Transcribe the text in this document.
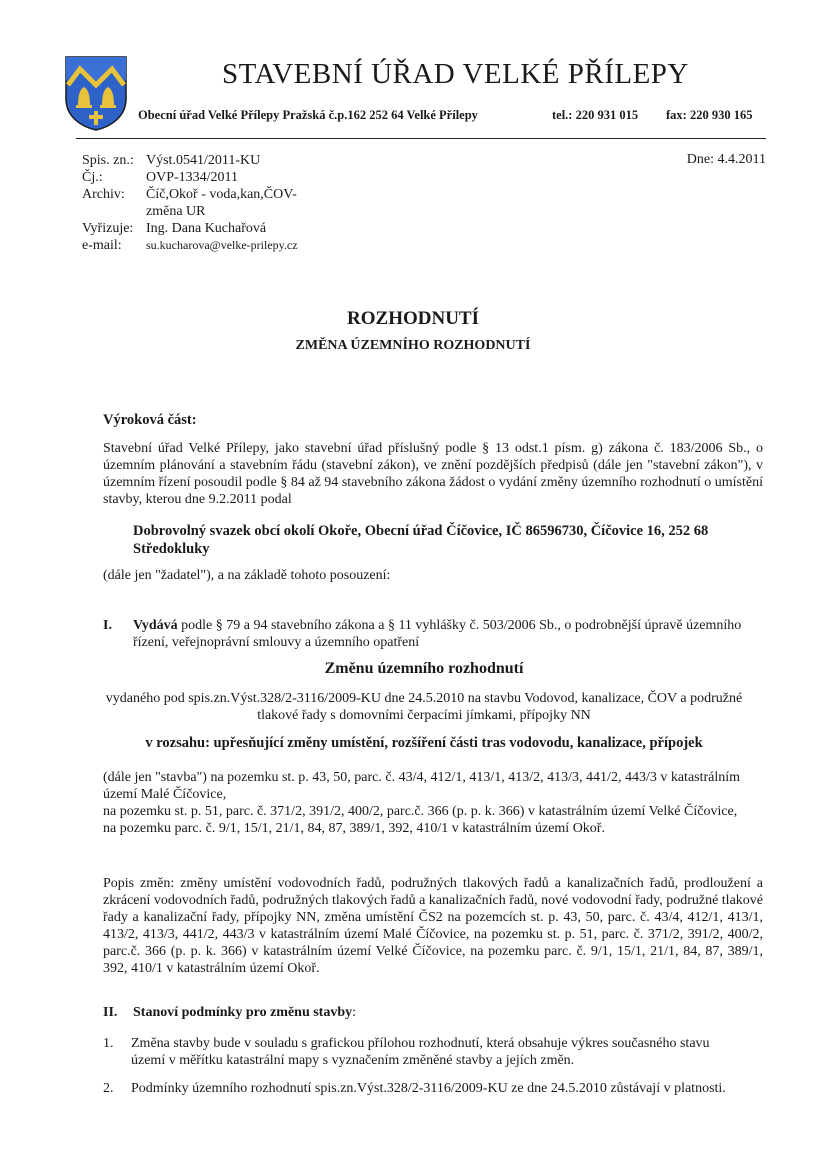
STAVEBNÍ ÚŘAD VELKÉ PŘÍLEPY
Obecní úřad Velké Přílepy Pražská č.p.162 252 64 Velké Přílepy	tel.: 220 931 015 fax: 220 930 165
Spis. zn.: Výst.0541/2011-KU
Čj.:	OVP-1334/2011
Archiv:	Číč,Okoř - voda,kan,ČOV-
změna UR
Vyřizuje: Ing. Dana Kuchařová
e-mail:	su.kucharova@velke-prilepy.cz
Dne: 4.4.2011
ROZHODNUTÍ
ZMĚNA ÚZEMNÍHO ROZHODNUTÍ
Výroková část:
Stavební úřad Velké Přílepy, jako stavební úřad příslušný podle § 13 odst.1 písm. g) zákona č. 183/2006 Sb., o územním plánování a stavebním řádu (stavební zákon), ve znění pozdějších předpisů (dále jen "stavební zákon"), v územním řízení posoudil podle § 84 až 94 stavebního zákona žádost o vydání změny územního rozhodnutí o umístění stavby, kterou dne 9.2.2011 podal
Dobrovolný svazek obcí okolí Okoře, Obecní úřad Číčovice, IČ 86596730, Číčovice 16, 252 68 Středokluky
(dále jen "žadatel"), a na základě tohoto posouzení:
I. Vydává podle § 79 a 94 stavebního zákona a § 11 vyhlášky č. 503/2006 Sb., o podrobnější úpravě územního řízení, veřejnoprávní smlouvy a územního opatření
Změnu územního rozhodnutí
vydaného pod spis.zn.Výst.328/2-3116/2009-KU dne 24.5.2010 na stavbu Vodovod, kanalizace, ČOV a podružné tlakové řady s domovními čerpacími jímkami, přípojky NN
v rozsahu: upřesňující změny umístění, rozšíření části tras vodovodu, kanalizace, přípojek
(dále jen "stavba") na pozemku st. p. 43, 50, parc. č. 43/4, 412/1, 413/1, 413/2, 413/3, 441/2, 443/3 v katastrálním území Malé Číčovice,
na pozemku st. p. 51, parc. č. 371/2, 391/2, 400/2, parc.č. 366 (p. p. k. 366) v katastrálním území Velké Číčovice,
na pozemku parc. č. 9/1, 15/1, 21/1, 84, 87, 389/1, 392, 410/1 v katastrálním území Okoř.
Popis změn: změny umístění vodovodních řadů, podružných tlakových řadů a kanalizačních řadů, prodloužení a zkrácení vodovodních řadů, podružných tlakových řadů a kanalizačních řadů, nové vodovodní řady, podružné tlakové řady a kanalizační řady, přípojky NN, změna umístění ČS2 na pozemcích st. p. 43, 50, parc. č. 43/4, 412/1, 413/1, 413/2, 413/3, 441/2, 443/3 v katastrálním území Malé Číčovice, na pozemku st. p. 51, parc. č. 371/2, 391/2, 400/2, parc.č. 366 (p. p. k. 366) v katastrálním území Velké Číčovice, na pozemku parc. č. 9/1, 15/1, 21/1, 84, 87, 389/1, 392, 410/1 v katastrálním území Okoř.
II. Stanoví podmínky pro změnu stavby:
1. Změna stavby bude v souladu s grafickou přílohou rozhodnutí, která obsahuje výkres současného stavu území v měřítku katastrální mapy s vyznačením změněné stavby a jejích změn.
2. Podmínky územního rozhodnutí spis.zn.Výst.328/2-3116/2009-KU ze dne 24.5.2010 zůstávají v platnosti.
